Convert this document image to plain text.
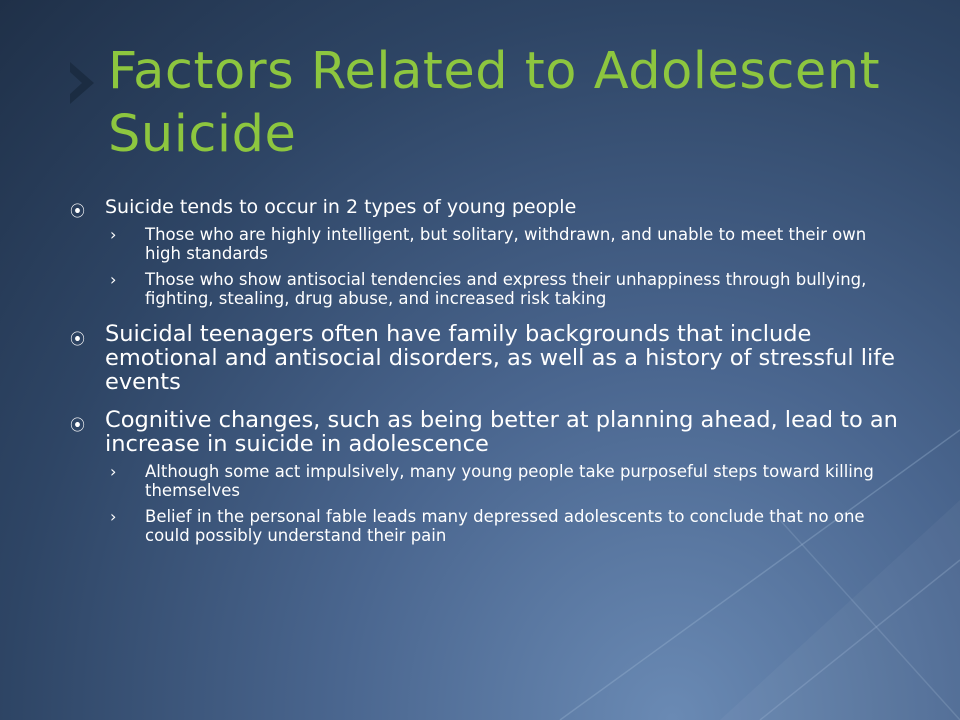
Factors Related to Adolescent Suicide
⦿ Suicide tends to occur in 2 types of young people
› Those who are highly intelligent, but solitary, withdrawn, and unable to meet their own high standards
› Those who show antisocial tendencies and express their unhappiness through bullying, fighting, stealing, drug abuse, and increased risk taking
⦿ Suicidal teenagers often have family backgrounds that include emotional and antisocial disorders, as well as a history of stressful life events
⦿ Cognitive changes, such as being better at planning ahead, lead to an increase in suicide in adolescence
› Although some act impulsively, many young people take purposeful steps toward killing themselves
› Belief in the personal fable leads many depressed adolescents to conclude that no one could possibly understand their pain
